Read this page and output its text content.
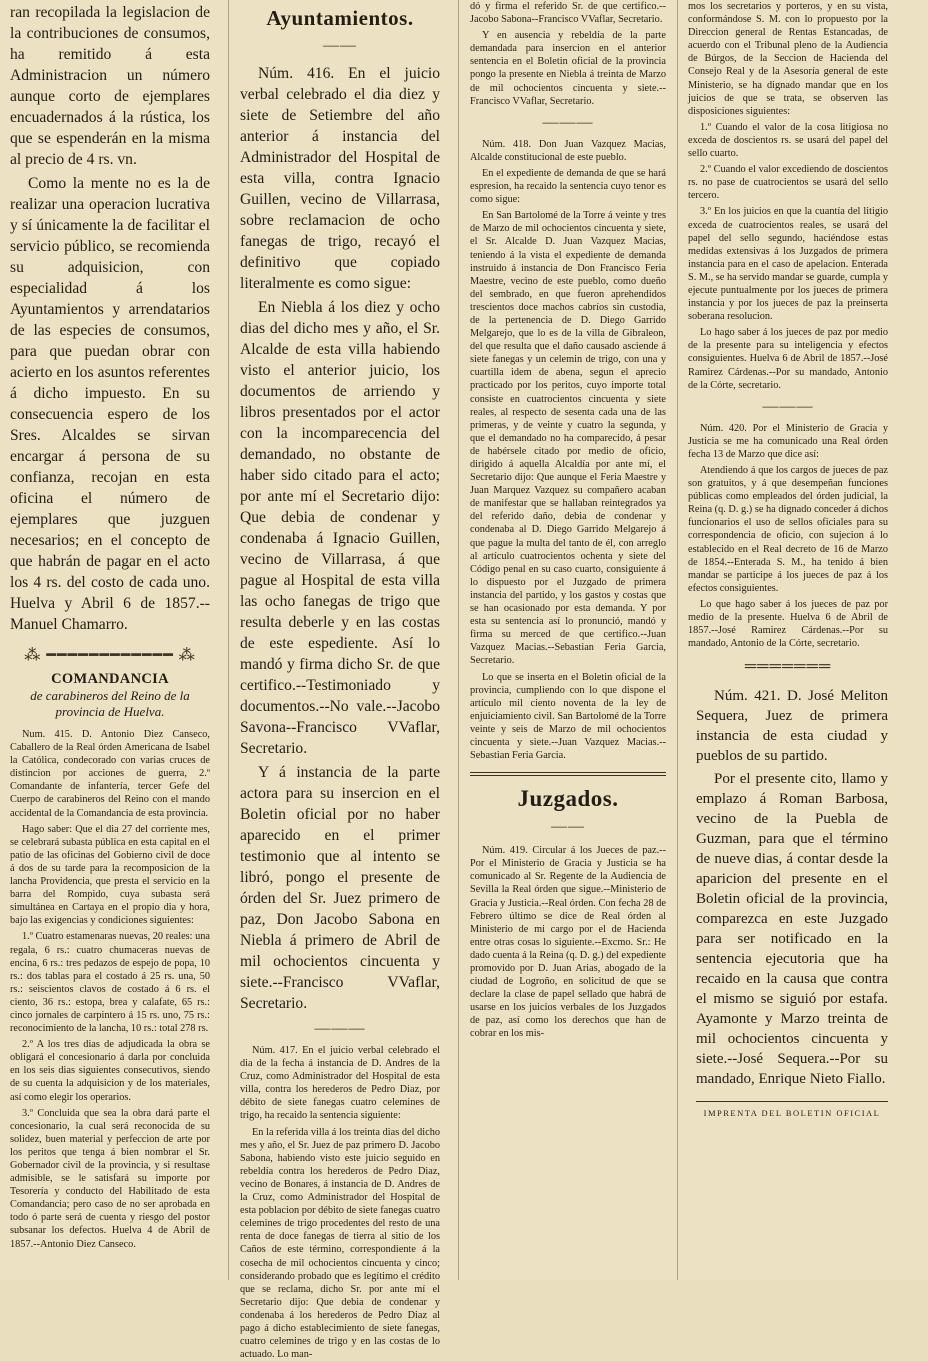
ran recopilada la legislacion de la contribuciones de consumos, ha remitido á esta Administracion un número aunque corto de ejemplares encuadernados á la rústica, los que se espenderán en la misma al precio de 4 rs. vn.

Como la mente no es la de realizar una operacion lucrativa y sí únicamente la de facilitar el servicio público, se recomienda su adquisicion, con especialidad á los Ayuntamientos y arrendatarios de las especies de consumos, para que puedan obrar con acierto en los asuntos referentes á dicho impuesto. En su consecuencia espero de los Sres. Alcaldes se sirvan encargar á persona de su confianza, recojan en esta oficina el número de ejemplares que juzguen necesarios; en el concepto de que habrán de pagar en el acto los 4 rs. del costo de cada uno. Huelva y Abril 6 de 1857.--Manuel Chamarro.

⁂ ━━━━━━━━━━━━ ⁂
COMANDANCIA
de carabineros del Reino de la provincia de Huelva.

Num. 415. D. Antonio Diez Canseco, Caballero de la Real órden Americana de Isabel la Católica, condecorado con varias cruces de distincion por acciones de guerra, 2.º Comandante de infantería, tercer Gefe del Cuerpo de carabineros del Reino con el mando accidental de la Comandancia de esta provincia.

Hago saber: Que el dia 27 del corriente mes, se celebrará subasta pública en esta capital en el patio de las oficinas del Gobierno civil de doce á dos de su tarde para la recomposicion de la lancha Providencia, que presta el servicio en la barra del Rompido, cuya subasta será simultánea en Cartaya en el propio dia y hora, bajo las exigencias y condiciones siguientes:

1.º Cuatro estamenaras nuevas, 20 reales: una regala, 6 rs.: cuatro chumaceras nuevas de encina, 6 rs.: tres pedazos de espejo de popa, 10 rs.: dos tablas para el costado á 25 rs. una, 50 rs.: seiscientos clavos de costado á 6 rs. el ciento, 36 rs.: estopa, brea y calafate, 65 rs.: cinco jornales de carpintero á 15 rs. uno, 75 rs.: reconocimiento de la lancha, 10 rs.: total 278 rs.

2.º A los tres dias de adjudicada la obra se obligará el concesionario á darla por concluida en los seis dias siguientes consecutivos, siendo de su cuenta la adquisicion y de los materiales, así como elegir los operarios.

3.º Concluida que sea la obra dará parte el concesionario, la cual será reconocida de su solidez, buen material y perfeccion de arte por los peritos que tenga á bien nombrar el Sr. Gobernador civil de la provincia, y si resultase admisible, se le satisfará su importe por Tesorería y conducto del Habilitado de esta Comandancia; pero caso de no ser aprobada en todo ó parte será de cuenta y riesgo del postor subsanar los defectos. Huelva 4 de Abril de 1857.--Antonio Diez Canseco.

Ayuntamientos.
——

Núm. 416. En el juicio verbal celebrado el dia diez y siete de Setiembre del año anterior á instancia del Administrador del Hospital de esta villa, contra Ignacio Guillen, vecino de Villarrasa, sobre reclamacion de ocho fanegas de trigo, recayó el definitivo que copiado literalmente es como sigue:

En Niebla á los diez y ocho dias del dicho mes y año, el Sr. Alcalde de esta villa habiendo visto el anterior juicio, los documentos de arriendo y libros presentados por el actor con la incomparecencia del demandado, no obstante de haber sido citado para el acto; por ante mí el Secretario dijo: Que debia de condenar y condenaba á Ignacio Guillen, vecino de Villarrasa, á que pague al Hospital de esta villa las ocho fanegas de trigo que resulta deberle y en las costas de este espediente. Así lo mandó y firma dicho Sr. de que certifico.--Testimoniado y documentos.--No vale.--Jacobo Savona--Francisco VVaflar, Secretario.

Y á instancia de la parte actora para su insercion en el Boletin oficial por no haber aparecido en el primer testimonio que al intento se libró, pongo el presente de órden del Sr. Juez primero de paz, Don Jacobo Sabona en Niebla á primero de Abril de mil ochocientos cincuenta y siete.--Francisco VVaflar, Secretario.

———

Núm. 417. En el juicio verbal celebrado el dia de la fecha á instancia de D. Andres de la Cruz, como Administrador del Hospital de esta villa, contra los herederos de Pedro Diaz, por débito de siete fanegas cuatro celemines de trigo, ha recaido la sentencia siguiente:

En la referida villa á los treinta dias del dicho mes y año, el Sr. Juez de paz primero D. Jacobo Sabona, habiendo visto este juicio seguido en rebeldía contra los herederos de Pedro Diaz, vecino de Bonares, á instancia de D. Andres de la Cruz, como Administrador del Hospital de esta poblacion por débito de siete fanegas cuatro celemines de trigo procedentes del resto de una renta de doce fanegas de tierra al sitio de los Caños de este término, correspondiente á la cosecha de mil ochocientos cincuenta y cinco; considerando probado que es legítimo el crédito que se reclama, dicho Sr. por ante mí el Secretario dijo: Que debia de condenar y condenaba á los herederos de Pedro Diaz al pago á dicho establecimiento de siete fanegas, cuatro celemines de trigo y en las costas de lo actuado. Lo man-

dó y firma el referido Sr. de que certifico.--Jacobo Sabona--Francisco VVaflar, Secretario.

Y en ausencia y rebeldía de la parte demandada para insercion en el anterior sentencia en el Boletin oficial de la provincia pongo la presente en Niebla á treinta de Marzo de mil ochocientos cincuenta y siete.--Francisco VVaflar, Secretario.

———

Núm. 418. Don Juan Vazquez Macias, Alcalde constitucional de este pueblo.

En el expediente de demanda de que se hará espresion, ha recaido la sentencia cuyo tenor es como sigue:

En San Bartolomé de la Torre á veinte y tres de Marzo de mil ochocientos cincuenta y siete, el Sr. Alcalde D. Juan Vazquez Macias, teniendo á la vista el expediente de demanda instruido á instancia de Don Francisco Feria Maestre, vecino de este pueblo, como dueño del sembrado, en que fueron aprehendidos trescientos doce machos cabríos sin custodia, de la pertenencia de D. Diego Garrido Melgarejo, que lo es de la villa de Gibraleon, del que resulta que el daño causado asciende á siete fanegas y un celemin de trigo, con una y cuartilla idem de abena, segun el aprecio practicado por los peritos, cuyo importe total consiste en cuatrocientos cincuenta y siete reales, al respecto de sesenta cada una de las primeras, y de veinte y cuatro la segunda, y que el demandado no ha comparecido, á pesar de habérsele citado por medio de oficio, dirigido á aquella Alcaldía por ante mí, el Secretario dijo: Que aunque el Feria Maestre y Juan Marquez Vazquez su compañero acaban de manifestar que se hallaban reintegrados ya del referido daño, debia de condenar y condenaba al D. Diego Garrido Melgarejo á que pague la multa del tanto de él, con arreglo al artículo cuatrocientos ochenta y siete del Código penal en su caso cuarto, consiguiente á lo dispuesto por el Juzgado de primera instancia del partido, y los gastos y costas que se han ocasionado por esta demanda. Y por esta su sentencia así lo pronunció, mandó y firma su merced de que certifico.--Juan Vazquez Macias.--Sebastian Feria Garcia, Secretario.

Lo que se inserta en el Boletin oficial de la provincia, cumpliendo con lo que dispone el artículo mil ciento noventa de la ley de enjuiciamiento civil. San Bartolomé de la Torre veinte y seis de Marzo de mil ochocientos cincuenta y siete.--Juan Vazquez Macias.--Sebastian Feria Garcia.

Juzgados.
——

Núm. 419. Circular á los Jueces de paz.--Por el Ministerio de Gracia y Justicia se ha comunicado al Sr. Regente de la Audiencia de Sevilla la Real órden que sigue.--Ministerio de Gracia y Justicia.--Real órden. Con fecha 28 de Febrero último se dice de Real órden al Ministerio de mi cargo por el de Hacienda entre otras cosas lo siguiente.--Excmo. Sr.: He dado cuenta á la Reina (q. D. g.) del expediente promovido por D. Juan Arias, abogado de la ciudad de Logroño, en solicitud de que se declare la clase de papel sellado que habrá de usarse en los juicios verbales de los Juzgados de paz, así como los derechos que han de cobrar en los mis-

mos los secretarios y porteros, y en su vista, conformándose S. M. con lo propuesto por la Direccion general de Rentas Estancadas, de acuerdo con el Tribunal pleno de la Audiencia de Búrgos, de la Seccion de Hacienda del Consejo Real y de la Asesoría general de este Ministerio, se ha dignado mandar que en los juicios de que se trata, se observen las disposiciones siguientes:

1.º Cuando el valor de la cosa litigiosa no exceda de doscientos rs. se usará del papel del sello cuarto.

2.º Cuando el valor excediendo de doscientos rs. no pase de cuatrocientos se usará del sello tercero.

3.º En los juicios en que la cuantía del litigio exceda de cuatrocientos reales, se usará del papel del sello segundo, haciéndose estas medidas extensivas á los Juzgados de primera instancia para en el caso de apelacion. Enterada S. M., se ha servido mandar se guarde, cumpla y ejecute puntualmente por los jueces de primera instancia y por los jueces de paz la preinserta soberana resolucion.

Lo hago saber á los jueces de paz por medio de la presente para su inteligencia y efectos consiguientes. Huelva 6 de Abril de 1857.--José Ramirez Cárdenas.--Por su mandado, Antonio de la Córte, secretario.

———

Núm. 420. Por el Ministerio de Gracia y Justicia se me ha comunicado una Real órden fecha 13 de Marzo que dice así:

Atendiendo á que los cargos de jueces de paz son gratuitos, y á que desempeñan funciones públicas como empleados del órden judicial, la Reina (q. D. g.) se ha dignado conceder á dichos funcionarios el uso de sellos oficiales para su correspondencia de oficio, con sujecion á lo establecido en el Real decreto de 16 de Marzo de 1854.--Enterada S. M., ha tenido á bien mandar se participe á los jueces de paz á los efectos consiguientes.

Lo que hago saber á los jueces de paz por medio de la presente. Huelva 6 de Abril de 1857.--José Ramirez Cárdenas.--Por su mandado, Antonio de la Córte, secretario.

═══════

Núm. 421. D. José Meliton Sequera, Juez de primera instancia de esta ciudad y pueblos de su partido.

Por el presente cito, llamo y emplazo á Roman Barbosa, vecino de la Puebla de Guzman, para que el término de nueve dias, á contar desde la aparicion del presente en el Boletin oficial de la provincia, comparezca en este Juzgado para ser notificado en la sentencia ejecutoria que ha recaido en la causa que contra el mismo se siguió por estafa. Ayamonte y Marzo treinta de mil ochocientos cincuenta y siete.--José Sequera.--Por su mandado, Enrique Nieto Fiallo.

IMPRENTA DEL BOLETIN OFICIAL
